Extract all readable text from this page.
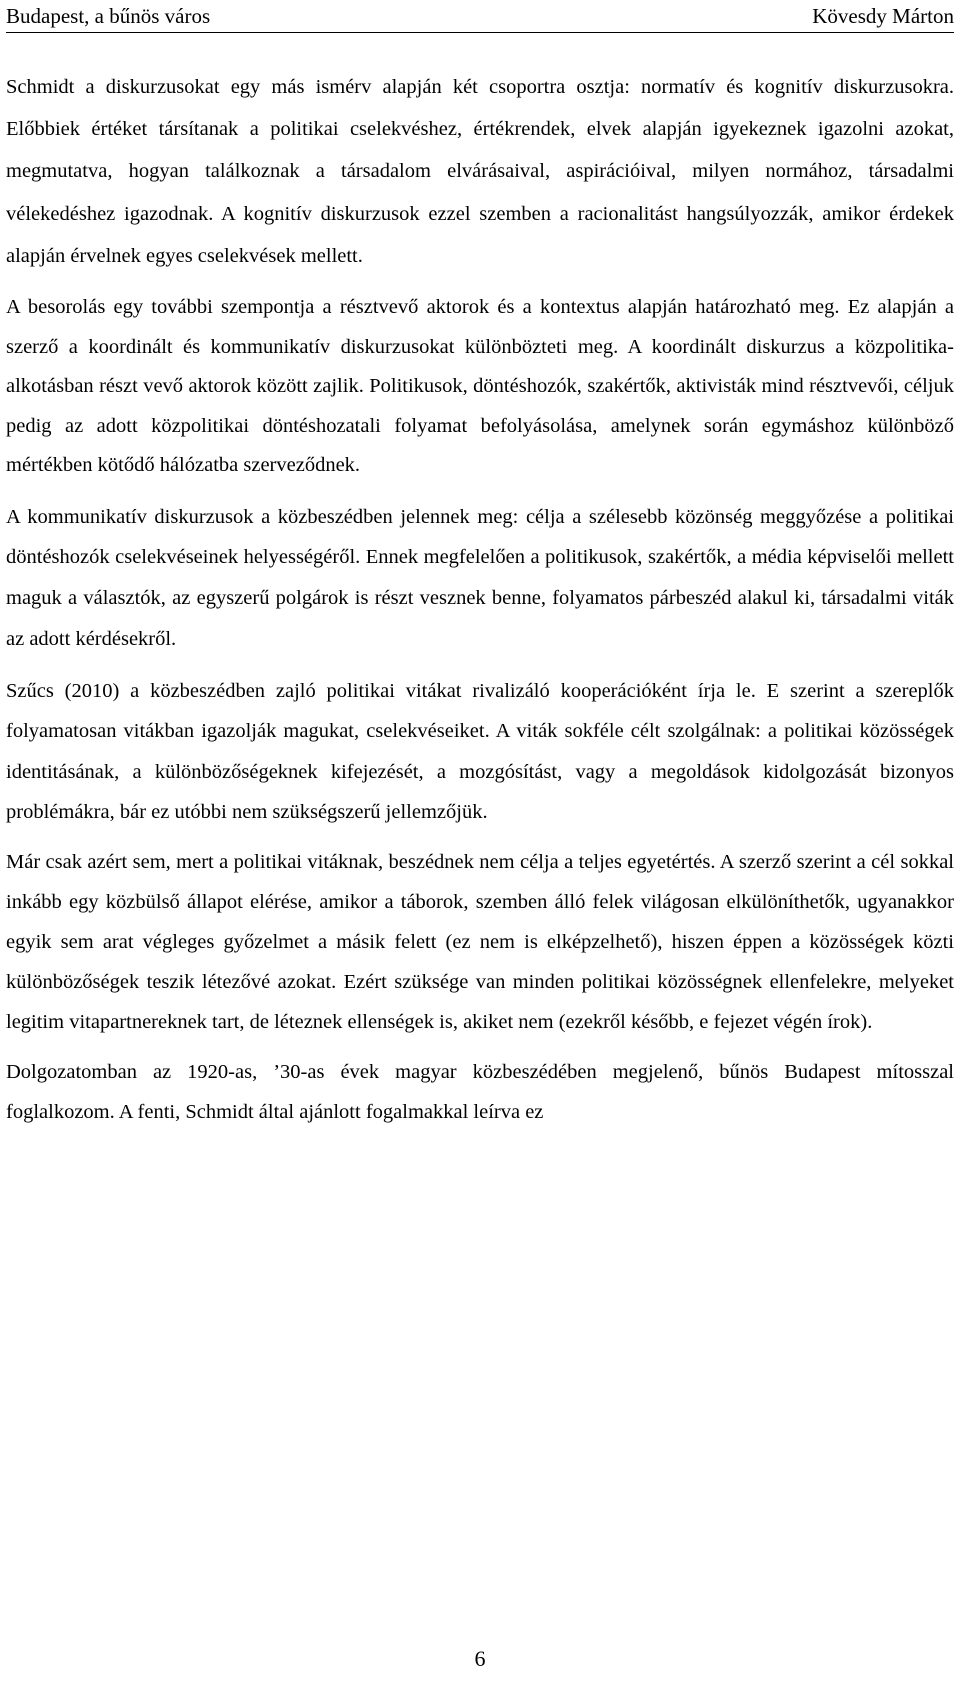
Budapest, a bűnös város	Kövesdy Márton

Schmidt a diskurzusokat egy más ismérv alapján két csoportra osztja: normatív és kognitív diskurzusokra. Előbbiek értéket társítanak a politikai cselekvéshez, értékrendek, elvek alapján igyekeznek igazolni azokat, megmutatva, hogyan találkoznak a társadalom elvárásaival, aspirációival, milyen normához, társadalmi vélekedéshez igazodnak. A kognitív diskurzusok ezzel szemben a racionalitást hangsúlyozzák, amikor érdekek alapján érvelnek egyes cselekvések mellett.

A besorolás egy további szempontja a résztvevő aktorok és a kontextus alapján határozható meg. Ez alapján a szerző a koordinált és kommunikatív diskurzusokat különbözteti meg. A koordinált diskurzus a közpolitika-alkotásban részt vevő aktorok között zajlik. Politikusok, döntéshozók, szakértők, aktivisták mind résztvevői, céljuk pedig az adott közpolitikai döntéshozatali folyamat befolyásolása, amelynek során egymáshoz különböző mértékben kötődő hálózatba szerveződnek.

A kommunikatív diskurzusok a közbeszédben jelennek meg: célja a szélesebb közönség meggyőzése a politikai döntéshozók cselekvéseinek helyességéről. Ennek megfelelően a politikusok, szakértők, a média képviselői mellett maguk a választók, az egyszerű polgárok is részt vesznek benne, folyamatos párbeszéd alakul ki, társadalmi viták az adott kérdésekről.

Szűcs (2010) a közbeszédben zajló politikai vitákat rivalizáló kooperációként írja le. E szerint a szereplők folyamatosan vitákban igazolják magukat, cselekvéseiket. A viták sokféle célt szolgálnak: a politikai közösségek identitásának, a különbözőségeknek kifejezését, a mozgósítást, vagy a megoldások kidolgozását bizonyos problémákra, bár ez utóbbi nem szükségszerű jellemzőjük.

Már csak azért sem, mert a politikai vitáknak, beszédnek nem célja a teljes egyetértés. A szerző szerint a cél sokkal inkább egy közbülső állapot elérése, amikor a táborok, szemben álló felek világosan elkülöníthetők, ugyanakkor egyik sem arat végleges győzelmet a másik felett (ez nem is elképzelhető), hiszen éppen a közösségek közti különbözőségek teszik létezővé azokat. Ezért szüksége van minden politikai közösségnek ellenfelekre, melyeket legitim vitapartnereknek tart, de léteznek ellenségek is, akiket nem (ezekről később, e fejezet végén írok).

Dolgozatomban az 1920-as, ’30-as évek magyar közbeszédében megjelenő, bűnös Budapest mítosszal foglalkozom. A fenti, Schmidt által ajánlott fogalmakkal leírva ez

6
